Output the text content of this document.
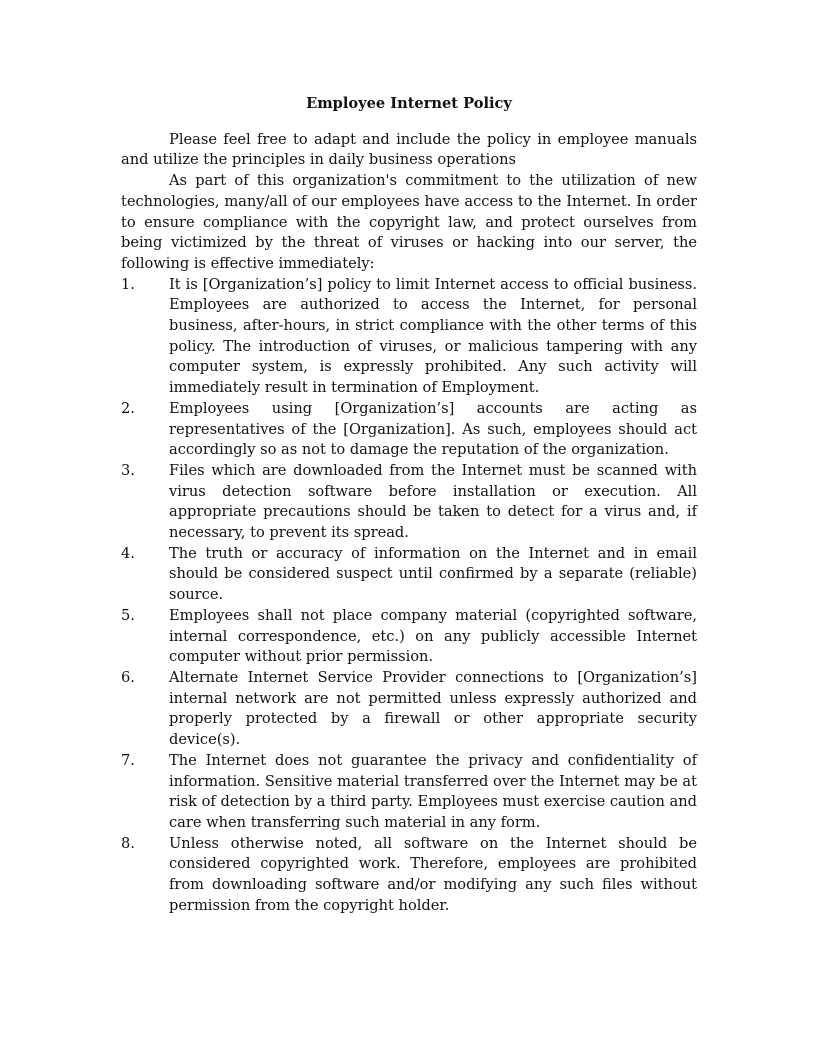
Employee Internet Policy

Please feel free to adapt and include the policy in employee manuals and utilize the principles in daily business operations

As part of this organization's commitment to the utilization of new technologies, many/all of our employees have access to the Internet. In order to ensure compliance with the copyright law, and protect ourselves from being victimized by the threat of viruses or hacking into our server, the following is effective immediately:

1.	It is [Organization’s] policy to limit Internet access to official business. Employees are authorized to access the Internet, for personal business, after-hours, in strict compliance with the other terms of this policy. The introduction of viruses, or malicious tampering with any computer system, is expressly prohibited. Any such activity will immediately result in termination of Employment.
2.	Employees using [Organization’s] accounts are acting as representatives of the [Organization]. As such, employees should act accordingly so as not to damage the reputation of the organization.
3.	Files which are downloaded from the Internet must be scanned with virus detection software before installation or execution. All appropriate precautions should be taken to detect for a virus and, if necessary, to prevent its spread.
4.	The truth or accuracy of information on the Internet and in email should be considered suspect until confirmed by a separate (reliable) source.
5.	Employees shall not place company material (copyrighted software, internal correspondence, etc.) on any publicly accessible Internet computer without prior permission.
6.	Alternate Internet Service Provider connections to [Organization’s] internal network are not permitted unless expressly authorized and properly protected by a firewall or other appropriate security device(s).
7.	The Internet does not guarantee the privacy and confidentiality of information. Sensitive material transferred over the Internet may be at risk of detection by a third party. Employees must exercise caution and care when transferring such material in any form.
8.	Unless otherwise noted, all software on the Internet should be considered copyrighted work. Therefore, employees are prohibited from downloading software and/or modifying any such files without permission from the copyright holder.
